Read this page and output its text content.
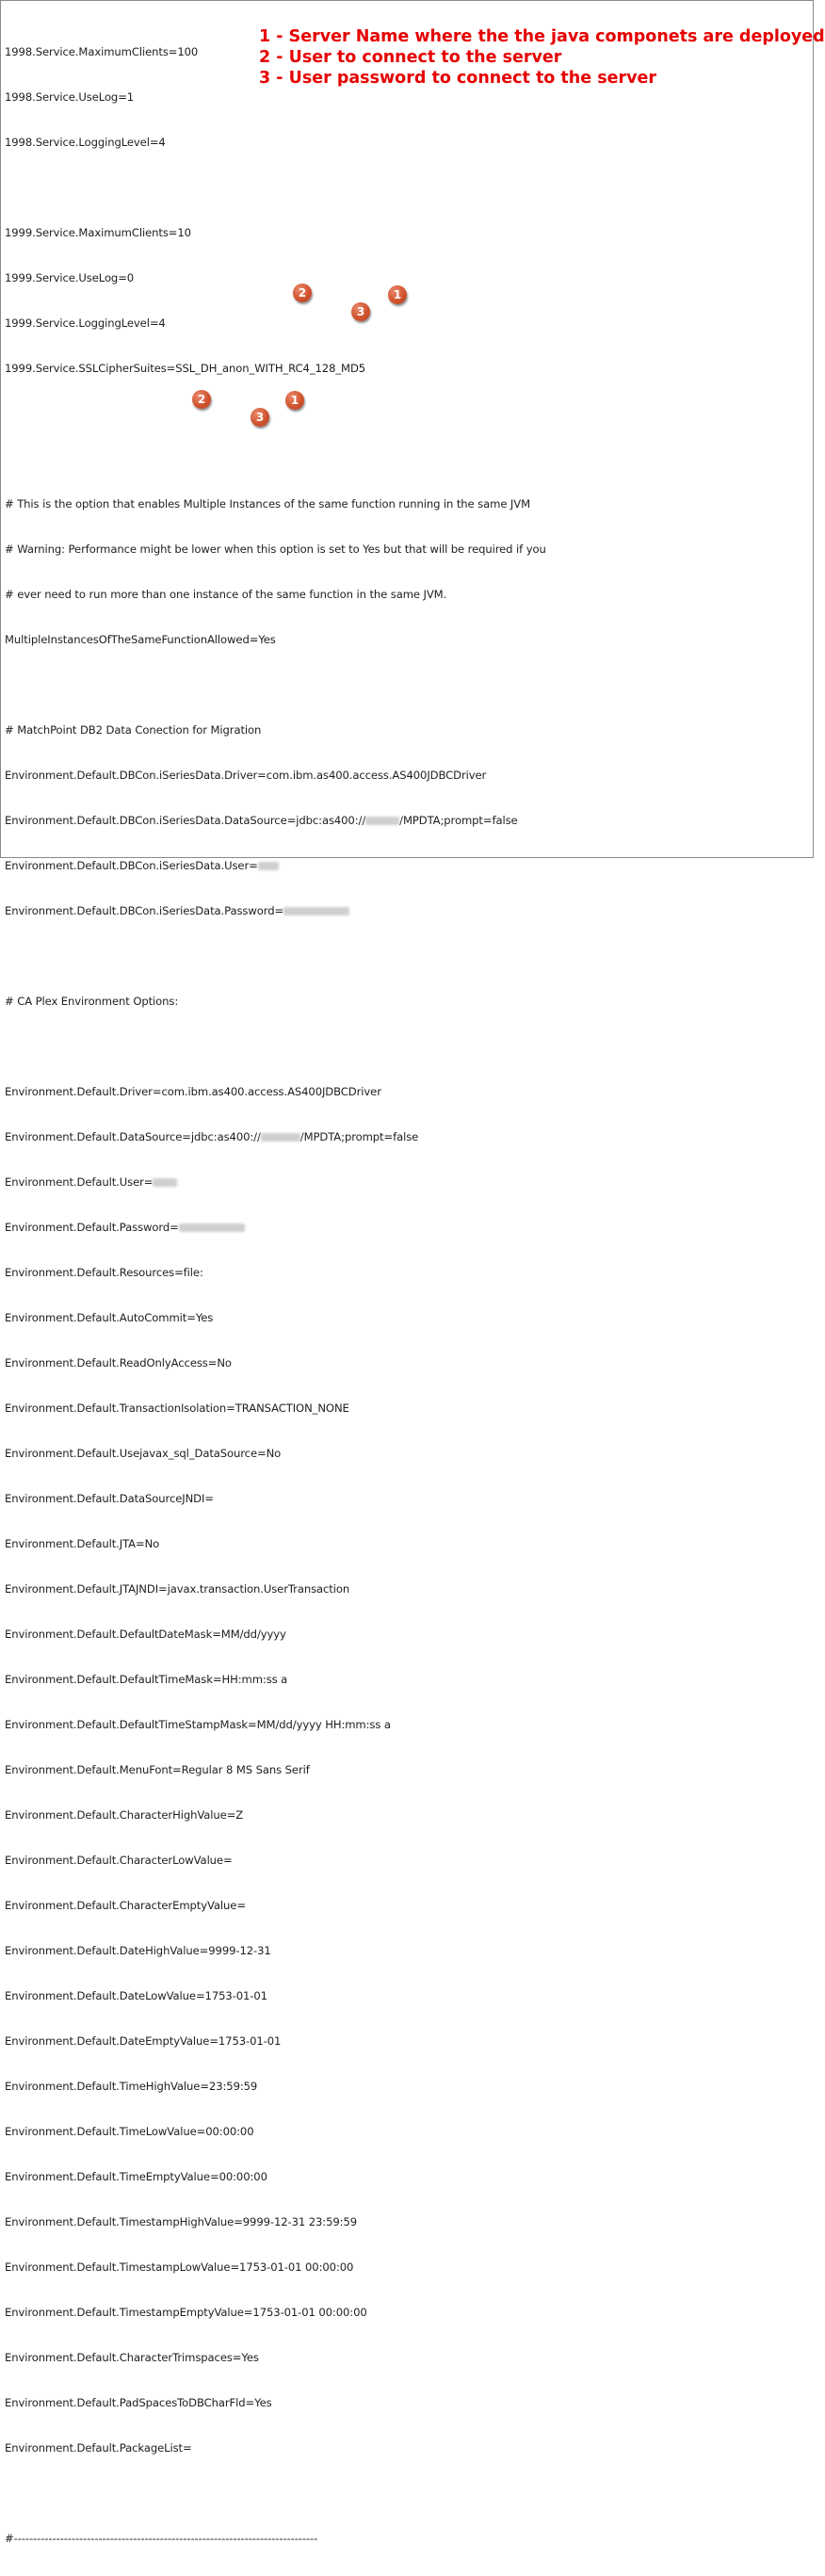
1998.Service.MaximumClients=100

1998.Service.UseLog=1

1998.Service.LoggingLevel=4

1999.Service.MaximumClients=10

1999.Service.UseLog=0

1999.Service.LoggingLevel=4

1999.Service.SSLCipherSuites=SSL_DH_anon_WITH_RC4_128_MD5

# This is the option that enables Multiple Instances of the same function running in the same JVM

# Warning: Performance might be lower when this option is set to Yes but that will be required if you

# ever need to run more than one instance of the same function in the same JVM.

MultipleInstancesOfTheSameFunctionAllowed=Yes

# MatchPoint DB2 Data Conection for Migration

Environment.Default.DBCon.iSeriesData.Driver=com.ibm.as400.access.AS400JDBCDriver

Environment.Default.DBCon.iSeriesData.DataSource=jdbc:as400://	/MPDTA;prompt=false

Environment.Default.DBCon.iSeriesData.User=

Environment.Default.DBCon.iSeriesData.Password=

# CA Plex Environment Options:

Environment.Default.Driver=com.ibm.as400.access.AS400JDBCDriver

Environment.Default.DataSource=jdbc:as400://	/MPDTA;prompt=false

Environment.Default.User=

Environment.Default.Password=

Environment.Default.Resources=file:

Environment.Default.AutoCommit=Yes

Environment.Default.ReadOnlyAccess=No

Environment.Default.TransactionIsolation=TRANSACTION_NONE

Environment.Default.Usejavax_sql_DataSource=No

Environment.Default.DataSourceJNDI=

Environment.Default.JTA=No

Environment.Default.JTAJNDI=javax.transaction.UserTransaction

Environment.Default.DefaultDateMask=MM/dd/yyyy

Environment.Default.DefaultTimeMask=HH:mm:ss a

Environment.Default.DefaultTimeStampMask=MM/dd/yyyy HH:mm:ss a

Environment.Default.MenuFont=Regular 8 MS Sans Serif

Environment.Default.CharacterHighValue=Z

Environment.Default.CharacterLowValue=

Environment.Default.CharacterEmptyValue=

Environment.Default.DateHighValue=9999-12-31

Environment.Default.DateLowValue=1753-01-01

Environment.Default.DateEmptyValue=1753-01-01

Environment.Default.TimeHighValue=23:59:59

Environment.Default.TimeLowValue=00:00:00

Environment.Default.TimeEmptyValue=00:00:00

Environment.Default.TimestampHighValue=9999-12-31 23:59:59

Environment.Default.TimestampLowValue=1753-01-01 00:00:00

Environment.Default.TimestampEmptyValue=1753-01-01 00:00:00

Environment.Default.CharacterTrimspaces=Yes

Environment.Default.PadSpacesToDBCharFld=Yes

Environment.Default.PackageList=

#-------------------------------------------------------------------------------

1 - Server Name where the the java componets are deployed
2 - User to connect to the server
3 - User password to connect to the server
2	1
3
2	1
3
